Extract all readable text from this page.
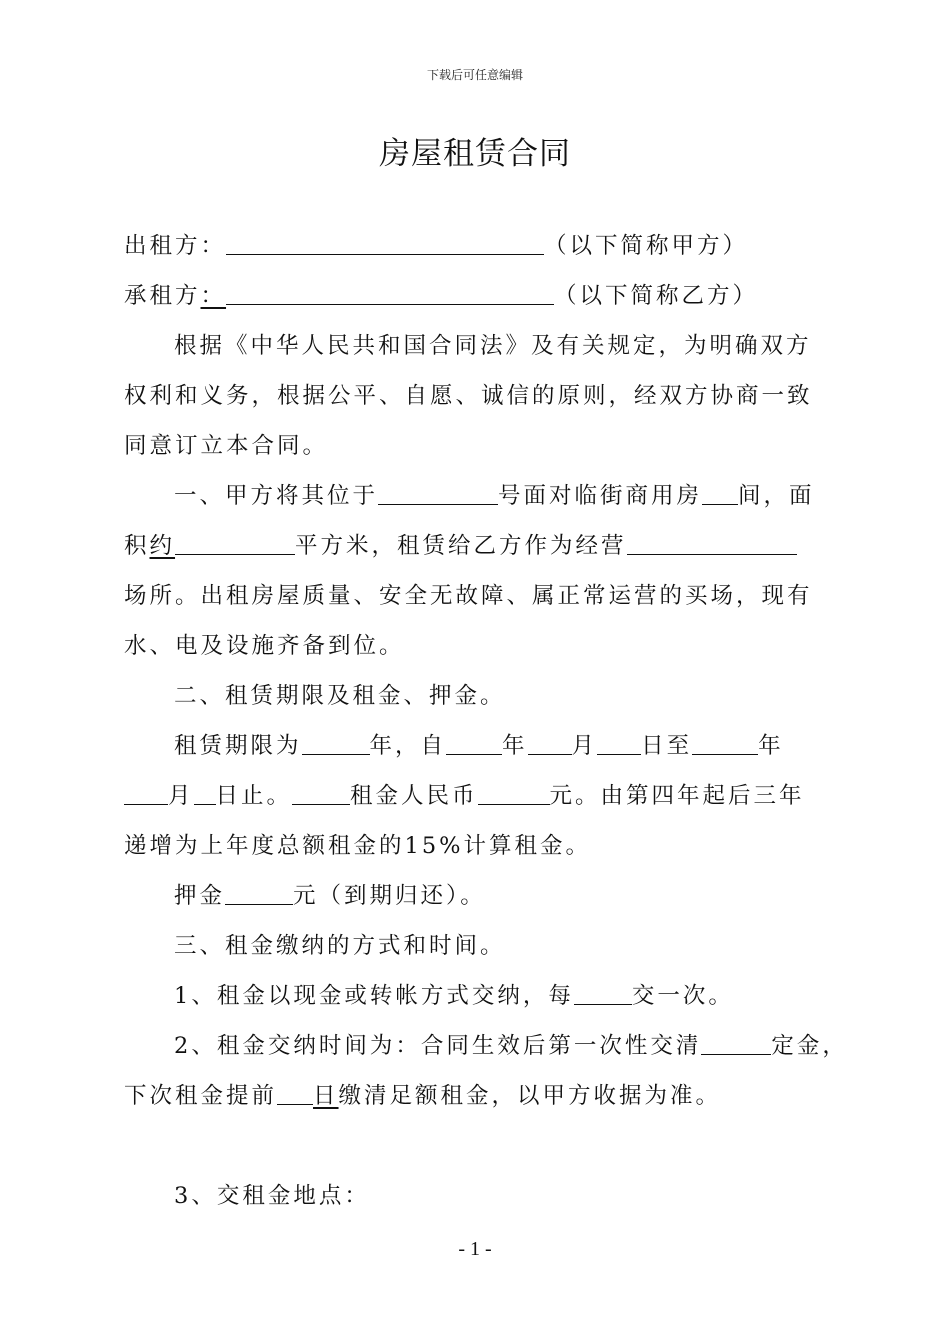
下载后可任意编辑
房屋租赁合同
出租方：	（以下简称甲方）
承租方：	（以下简称乙方）
根据《中华人民共和国合同法》及有关规定，为明确双方
权利和义务，根据公平、自愿、诚信的原则，经双方协商一致
同意订立本合同。
一、甲方将其位于	号面对临街商用房 间，面
积约	平方米，租赁给乙方作为经营
场所。出租房屋质量、安全无故障、属正常运营的买场，现有
水、电及设施齐备到位。
二、租赁期限及租金、押金。
租赁期限为	年，自 年 月 日至	年
月 日止。	租金人民币	元。由第四年起后三年
递增为上年度总额租金的15%计算租金。
押金	元（到期归还）。
三、租金缴纳的方式和时间。
1、租金以现金或转帐方式交纳，每	交一次。
2、租金交纳时间为：合同生效后第一次性交清	定金，
下次租金提前 日缴清足额租金，以甲方收据为准。
3、交租金地点：
- 1 -
